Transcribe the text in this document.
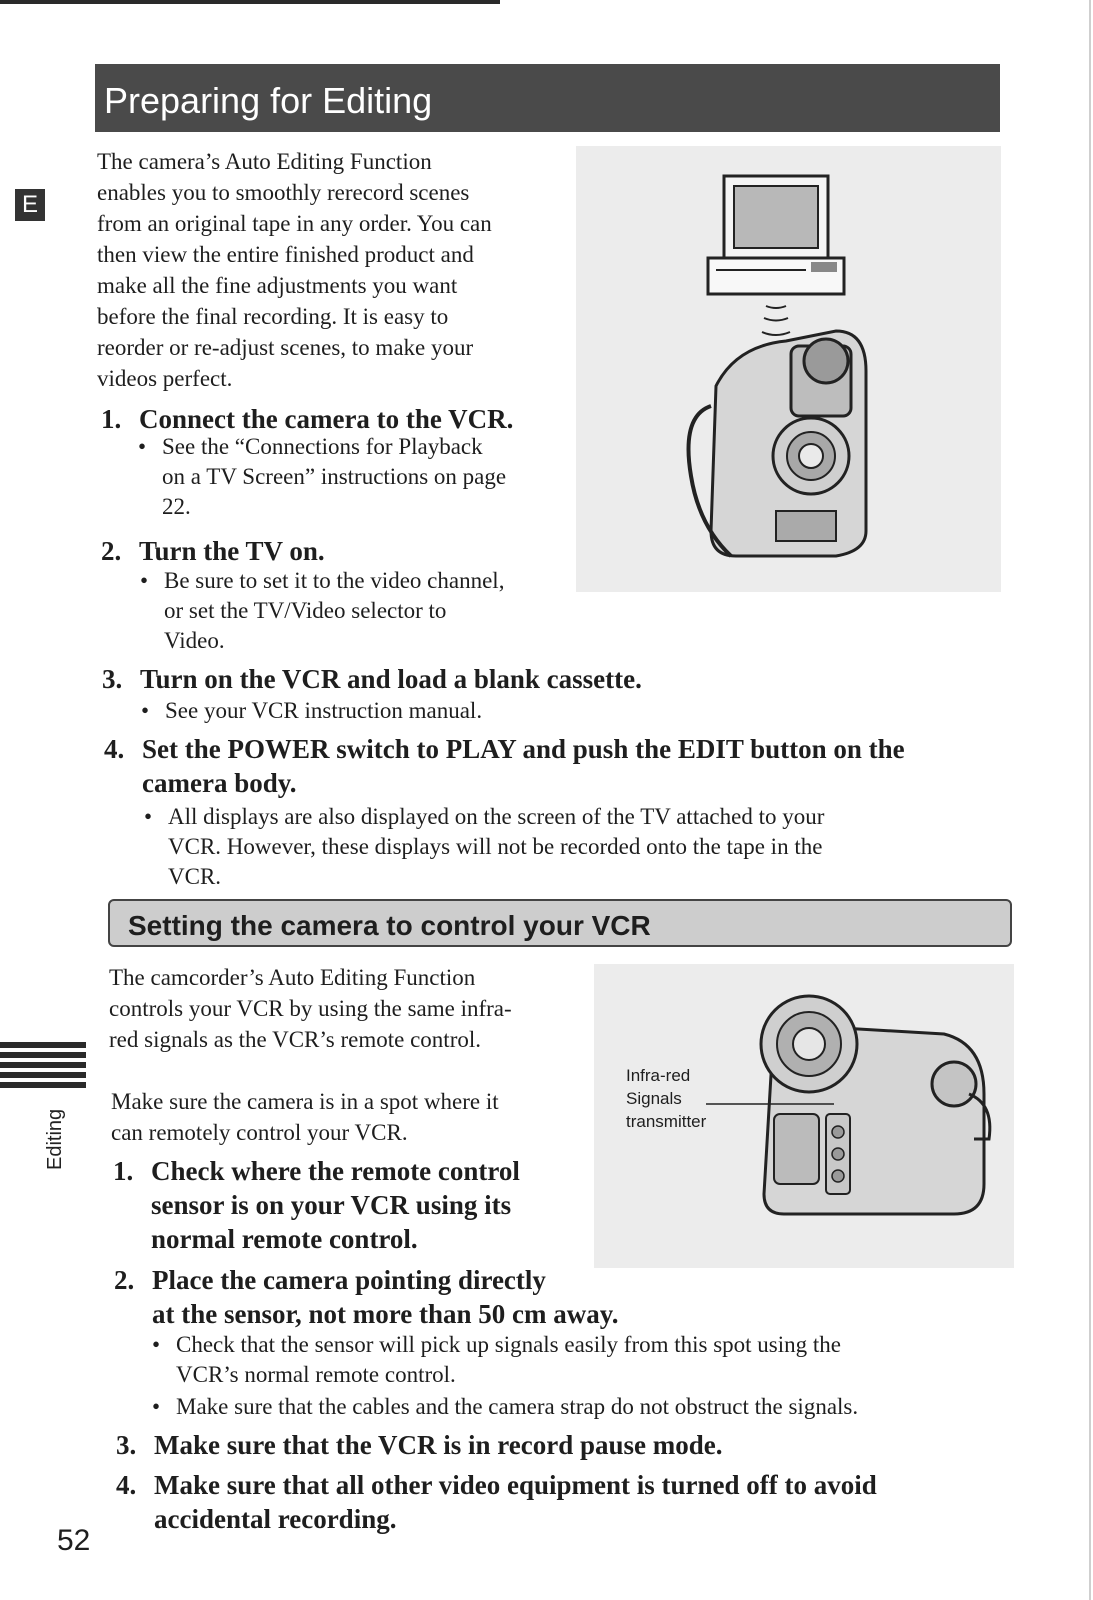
Preparing for Editing
E
The camera’s Auto Editing Function
enables you to smoothly rerecord scenes
from an original tape in any order. You can
then view the entire finished product and
make all the fine adjustments you want
before the final recording. It is easy to
reorder or re-adjust scenes, to make your
videos perfect.
1. Connect the camera to the VCR.
• See the “Connections for Playback
on a TV Screen” instructions on page
22.
2. Turn the TV on.
• Be sure to set it to the video channel,
or set the TV/Video selector to
Video.
3. Turn on the VCR and load a blank cassette.
• See your VCR instruction manual.
4. Set the POWER switch to PLAY and push the EDIT button on the
camera body.
• All displays are also displayed on the screen of the TV attached to your
VCR. However, these displays will not be recorded onto the tape in the
VCR.
Setting the camera to control your VCR
The camcorder’s Auto Editing Function
controls your VCR by using the same infra-
red signals as the VCR’s remote control.
Make sure the camera is in a spot where it
can remotely control your VCR.
Infra-red
Signals
transmitter
1. Check where the remote control
sensor is on your VCR using its
normal remote control.
2. Place the camera pointing directly
at the sensor, not more than 50 cm away.
• Check that the sensor will pick up signals easily from this spot using the
VCR’s normal remote control.
• Make sure that the cables and the camera strap do not obstruct the signals.
3. Make sure that the VCR is in record pause mode.
4. Make sure that all other video equipment is turned off to avoid
accidental recording.
Editing
52
